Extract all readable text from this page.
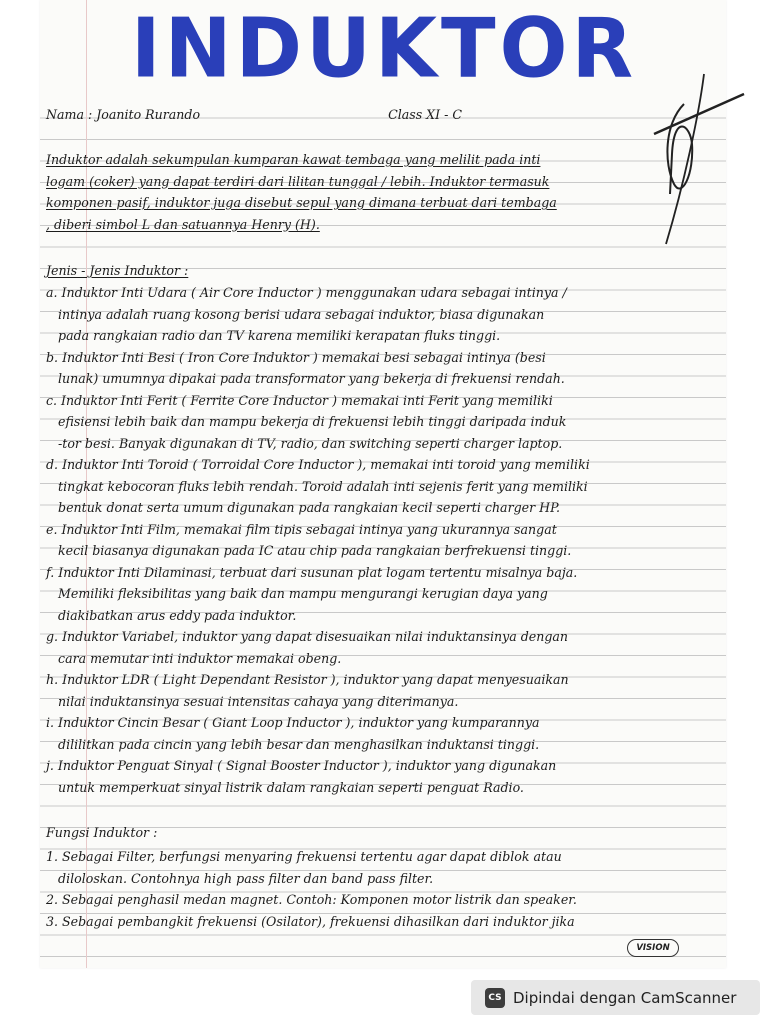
INDUKTOR
Nama : Joanito Rurando	Class XI - C
Induktor adalah sekumpulan kumparan kawat tembaga yang melilit pada inti
logam (coker) yang dapat terdiri dari lilitan tunggal / lebih. Induktor termasuk
komponen pasif, induktor juga disebut sepul yang dimana terbuat dari tembaga
, diberi simbol L dan satuannya Henry (H).
Jenis - Jenis Induktor :
a. Induktor Inti Udara ( Air Core Inductor ) menggunakan udara sebagai intinya /
intinya adalah ruang kosong berisi udara sebagai induktor, biasa digunakan
pada rangkaian radio dan TV karena memiliki kerapatan fluks tinggi.
b. Induktor Inti Besi ( Iron Core Induktor ) memakai besi sebagai intinya (besi
lunak) umumnya dipakai pada transformator yang bekerja di frekuensi rendah.
c. Induktor Inti Ferit ( Ferrite Core Inductor ) memakai inti Ferit yang memiliki
efisiensi lebih baik dan mampu bekerja di frekuensi lebih tinggi daripada induk
-tor besi. Banyak digunakan di TV, radio, dan switching seperti charger laptop.
d. Induktor Inti Toroid ( Torroidal Core Inductor ), memakai inti toroid yang memiliki
tingkat kebocoran fluks lebih rendah. Toroid adalah inti sejenis ferit yang memiliki
bentuk donat serta umum digunakan pada rangkaian kecil seperti charger HP.
e. Induktor Inti Film, memakai film tipis sebagai intinya yang ukurannya sangat
kecil biasanya digunakan pada IC atau chip pada rangkaian berfrekuensi tinggi.
f. Induktor Inti Dilaminasi, terbuat dari susunan plat logam tertentu misalnya baja.
Memiliki fleksibilitas yang baik dan mampu mengurangi kerugian daya yang
diakibatkan arus eddy pada induktor.
g. Induktor Variabel, induktor yang dapat disesuaikan nilai induktansinya dengan
cara memutar inti induktor memakai obeng.
h. Induktor LDR ( Light Dependant Resistor ), induktor yang dapat menyesuaikan
nilai induktansinya sesuai intensitas cahaya yang diterimanya.
i. Induktor Cincin Besar ( Giant Loop Inductor ), induktor yang kumparannya
dililitkan pada cincin yang lebih besar dan menghasilkan induktansi tinggi.
j. Induktor Penguat Sinyal ( Signal Booster Inductor ), induktor yang digunakan
untuk memperkuat sinyal listrik dalam rangkaian seperti penguat Radio.
Fungsi Induktor :
1. Sebagai Filter, berfungsi menyaring frekuensi tertentu agar dapat diblok atau
diloloskan. Contohnya high pass filter dan band pass filter.
2. Sebagai penghasil medan magnet. Contoh: Komponen motor listrik dan speaker.
3. Sebagai pembangkit frekuensi (Osilator), frekuensi dihasilkan dari induktor jika
VISION
CS Dipindai dengan CamScanner
